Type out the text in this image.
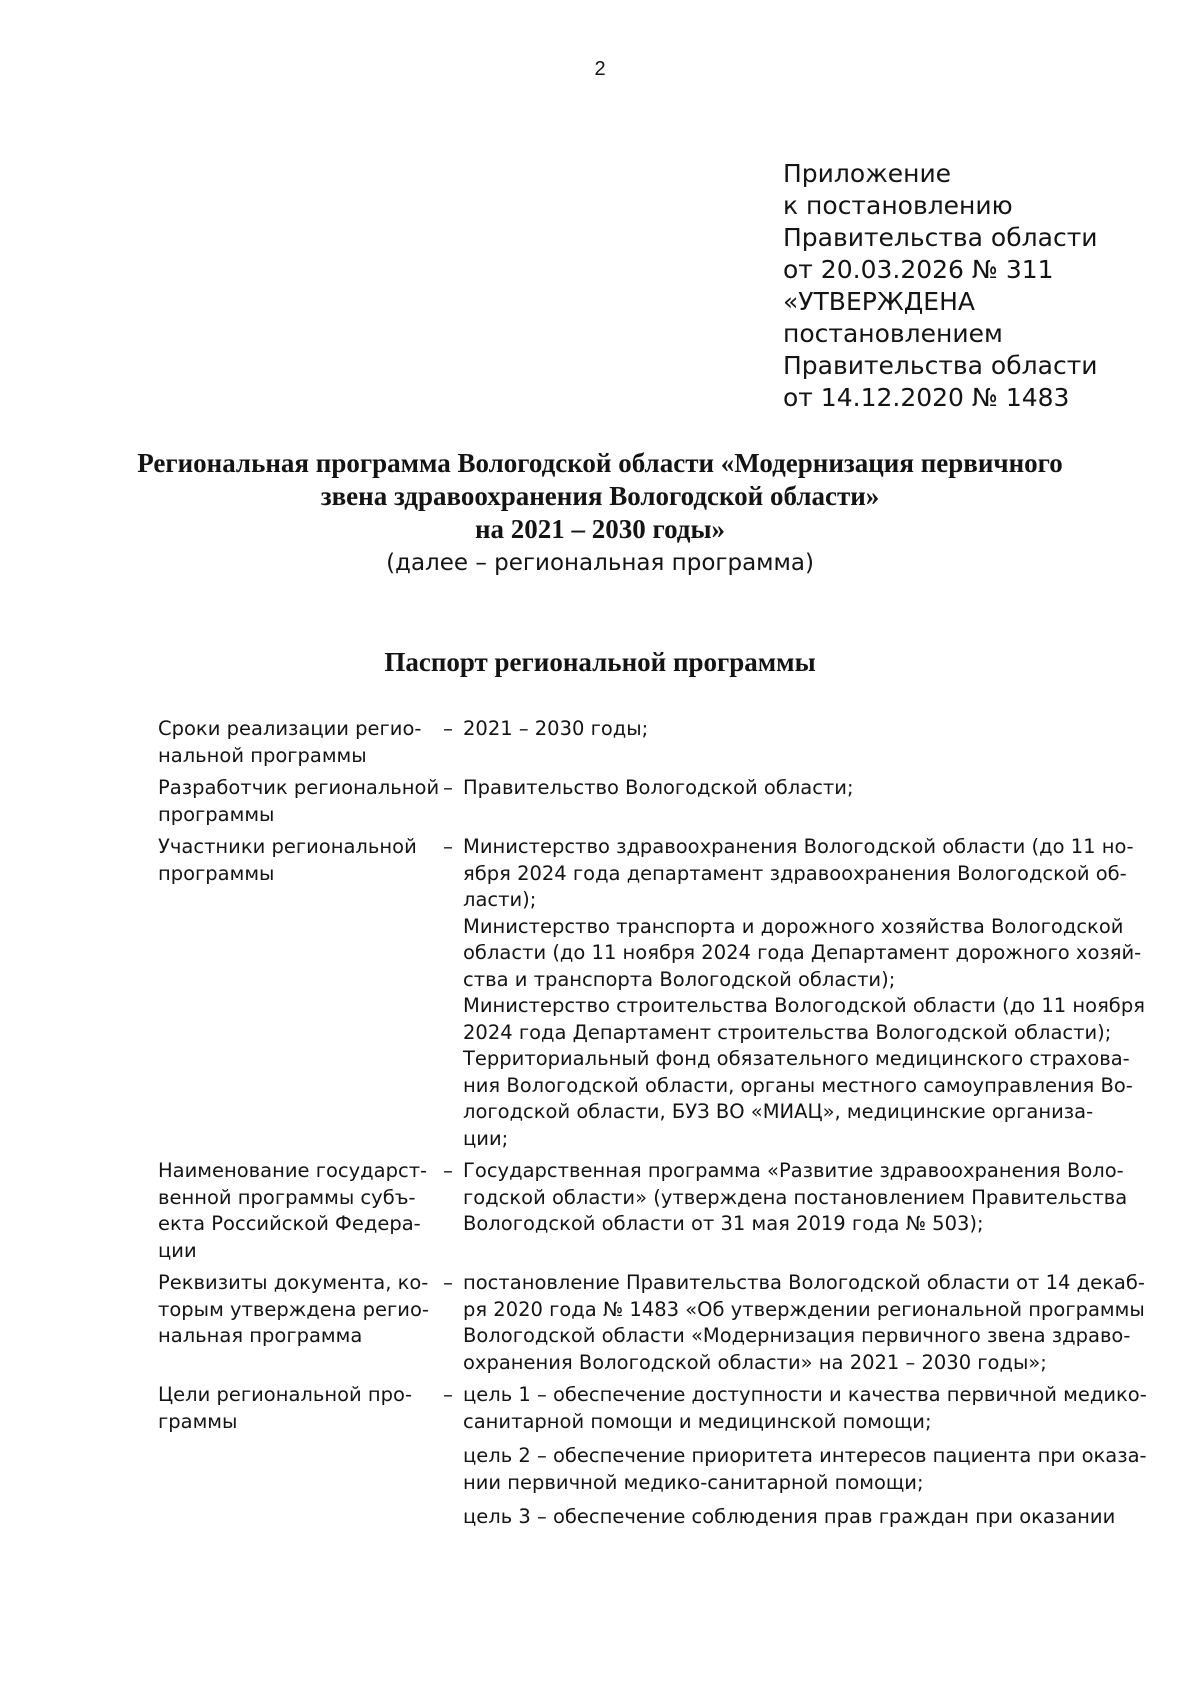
2
Приложение
к постановлению
Правительства области
от 20.03.2026 № 311
«УТВЕРЖДЕНА
постановлением
Правительства области
от 14.12.2020 № 1483
Региональная программа Вологодской области «Модернизация первичного
звена здравоохранения Вологодской области»
на 2021 – 2030 годы»
(далее – региональная программа)
Паспорт региональной программы
Сроки реализации регио-
нальной программы
– 2021 – 2030 годы;
Разработчик региональной
программы
– Правительство Вологодской области;
Участники региональной
программы
– Министерство здравоохранения Вологодской области (до 11 но-
ября 2024 года департамент здравоохранения Вологодской об-
ласти);
Министерство транспорта и дорожного хозяйства Вологодской
области (до 11 ноября 2024 года Департамент дорожного хозяй-
ства и транспорта Вологодской области);
Министерство строительства Вологодской области (до 11 ноября
2024 года Департамент строительства Вологодской области);
Территориальный фонд обязательного медицинского страхова-
ния Вологодской области, органы местного самоуправления Во-
логодской области, БУЗ ВО «МИАЦ», медицинские организа-
ции;
Наименование государст-
венной программы субъ-
екта Российской Федера-
ции
– Государственная программа «Развитие здравоохранения Воло-
годской области» (утверждена постановлением Правительства
Вологодской области от 31 мая 2019 года № 503);
Реквизиты документа, ко-
торым утверждена регио-
нальная программа
– постановление Правительства Вологодской области от 14 декаб-
ря 2020 года № 1483 «Об утверждении региональной программы
Вологодской области «Модернизация первичного звена здраво-
охранения Вологодской области» на 2021 – 2030 годы»;
Цели региональной про-
граммы
– цель 1 – обеспечение доступности и качества первичной медико-
санитарной помощи и медицинской помощи;
цель 2 – обеспечение приоритета интересов пациента при оказа-
нии первичной медико-санитарной помощи;
цель 3 – обеспечение соблюдения прав граждан при оказании
